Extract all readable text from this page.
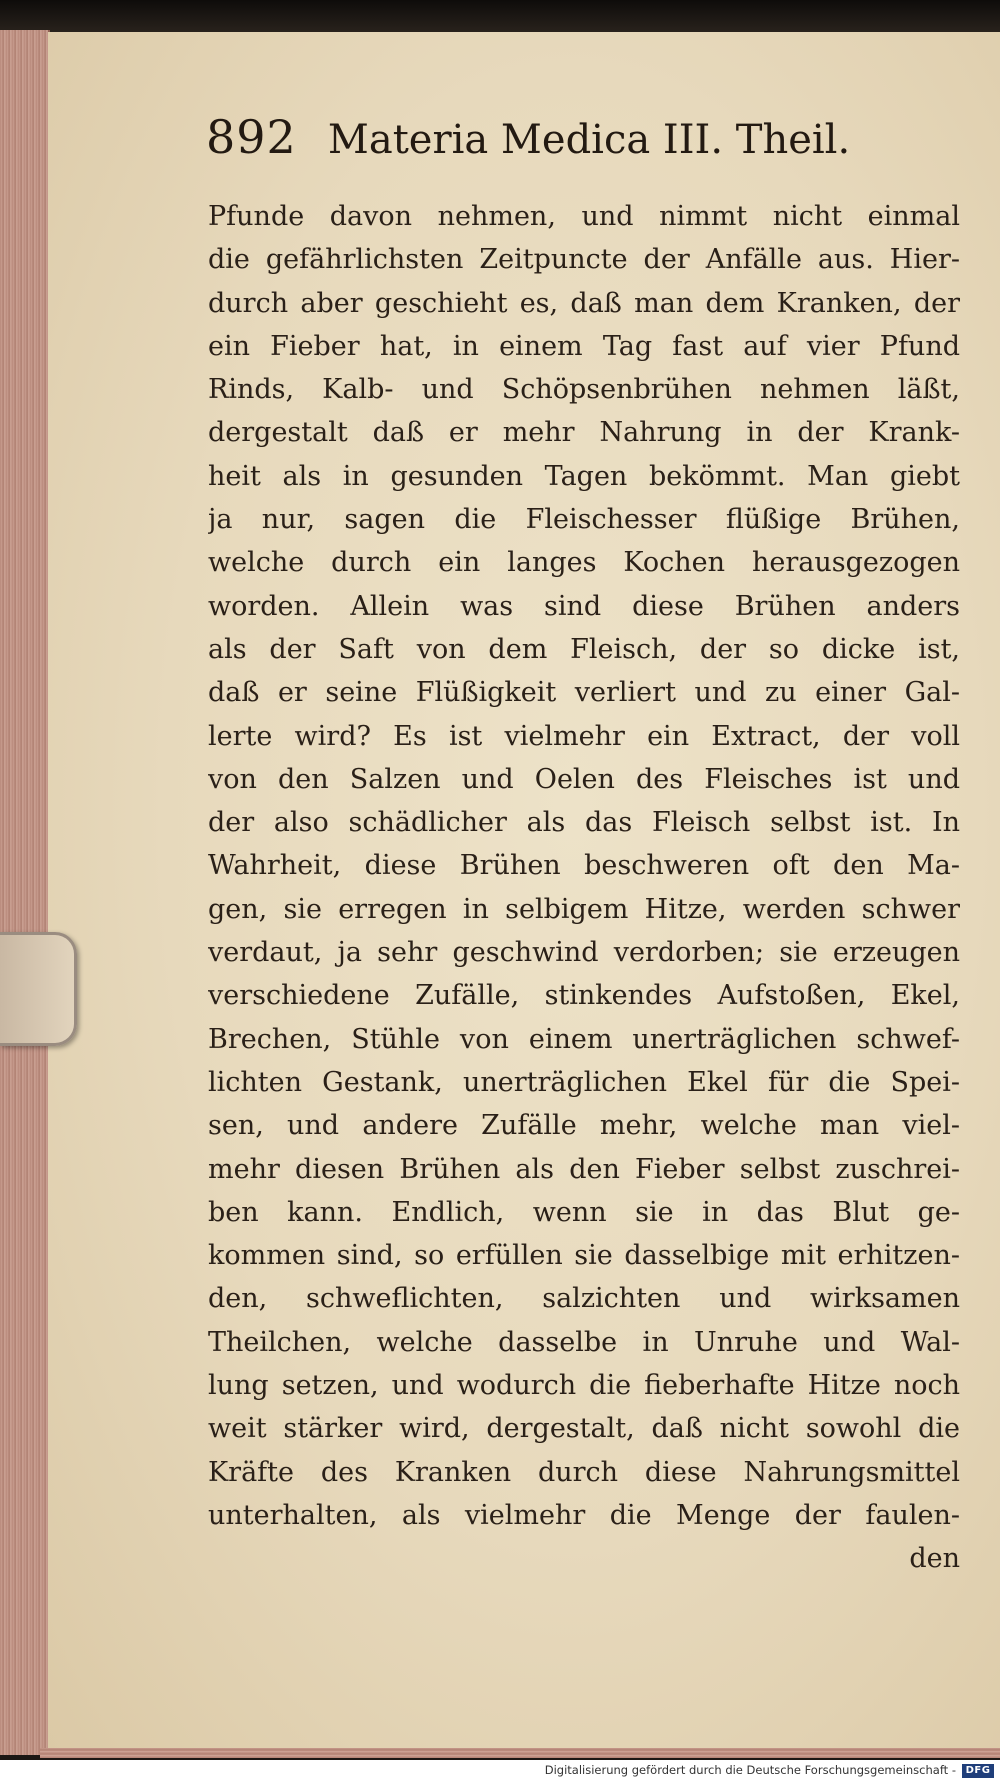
892 Materia Medica III. Theil.
Pfunde davon nehmen, und nimmt nicht einmal
die gefährlichsten Zeitpuncte der Anfälle aus. Hier-
durch aber geschieht es, daß man dem Kranken, der
ein Fieber hat, in einem Tag fast auf vier Pfund
Rinds, Kalb- und Schöpsenbrühen nehmen läßt,
dergestalt daß er mehr Nahrung in der Krank-
heit als in gesunden Tagen bekömmt. Man giebt
ja nur, sagen die Fleischesser flüßige Brühen,
welche durch ein langes Kochen herausgezogen
worden. Allein was sind diese Brühen anders
als der Saft von dem Fleisch, der so dicke ist,
daß er seine Flüßigkeit verliert und zu einer Gal-
lerte wird? Es ist vielmehr ein Extract, der voll
von den Salzen und Oelen des Fleisches ist und
der also schädlicher als das Fleisch selbst ist. In
Wahrheit, diese Brühen beschweren oft den Ma-
gen, sie erregen in selbigem Hitze, werden schwer
verdaut, ja sehr geschwind verdorben; sie erzeugen
verschiedene Zufälle, stinkendes Aufstoßen, Ekel,
Brechen, Stühle von einem unerträglichen schwef-
lichten Gestank, unerträglichen Ekel für die Spei-
sen, und andere Zufälle mehr, welche man viel-
mehr diesen Brühen als den Fieber selbst zuschrei-
ben kann. Endlich, wenn sie in das Blut ge-
kommen sind, so erfüllen sie dasselbige mit erhitzen-
den, schweflichten, salzichten und wirksamen
Theilchen, welche dasselbe in Unruhe und Wal-
lung setzen, und wodurch die fieberhafte Hitze noch
weit stärker wird, dergestalt, daß nicht sowohl die
Kräfte des Kranken durch diese Nahrungsmittel
unterhalten, als vielmehr die Menge der faulen-
den
Digitalisierung gefördert durch die Deutsche Forschungsgemeinschaft - DFG
